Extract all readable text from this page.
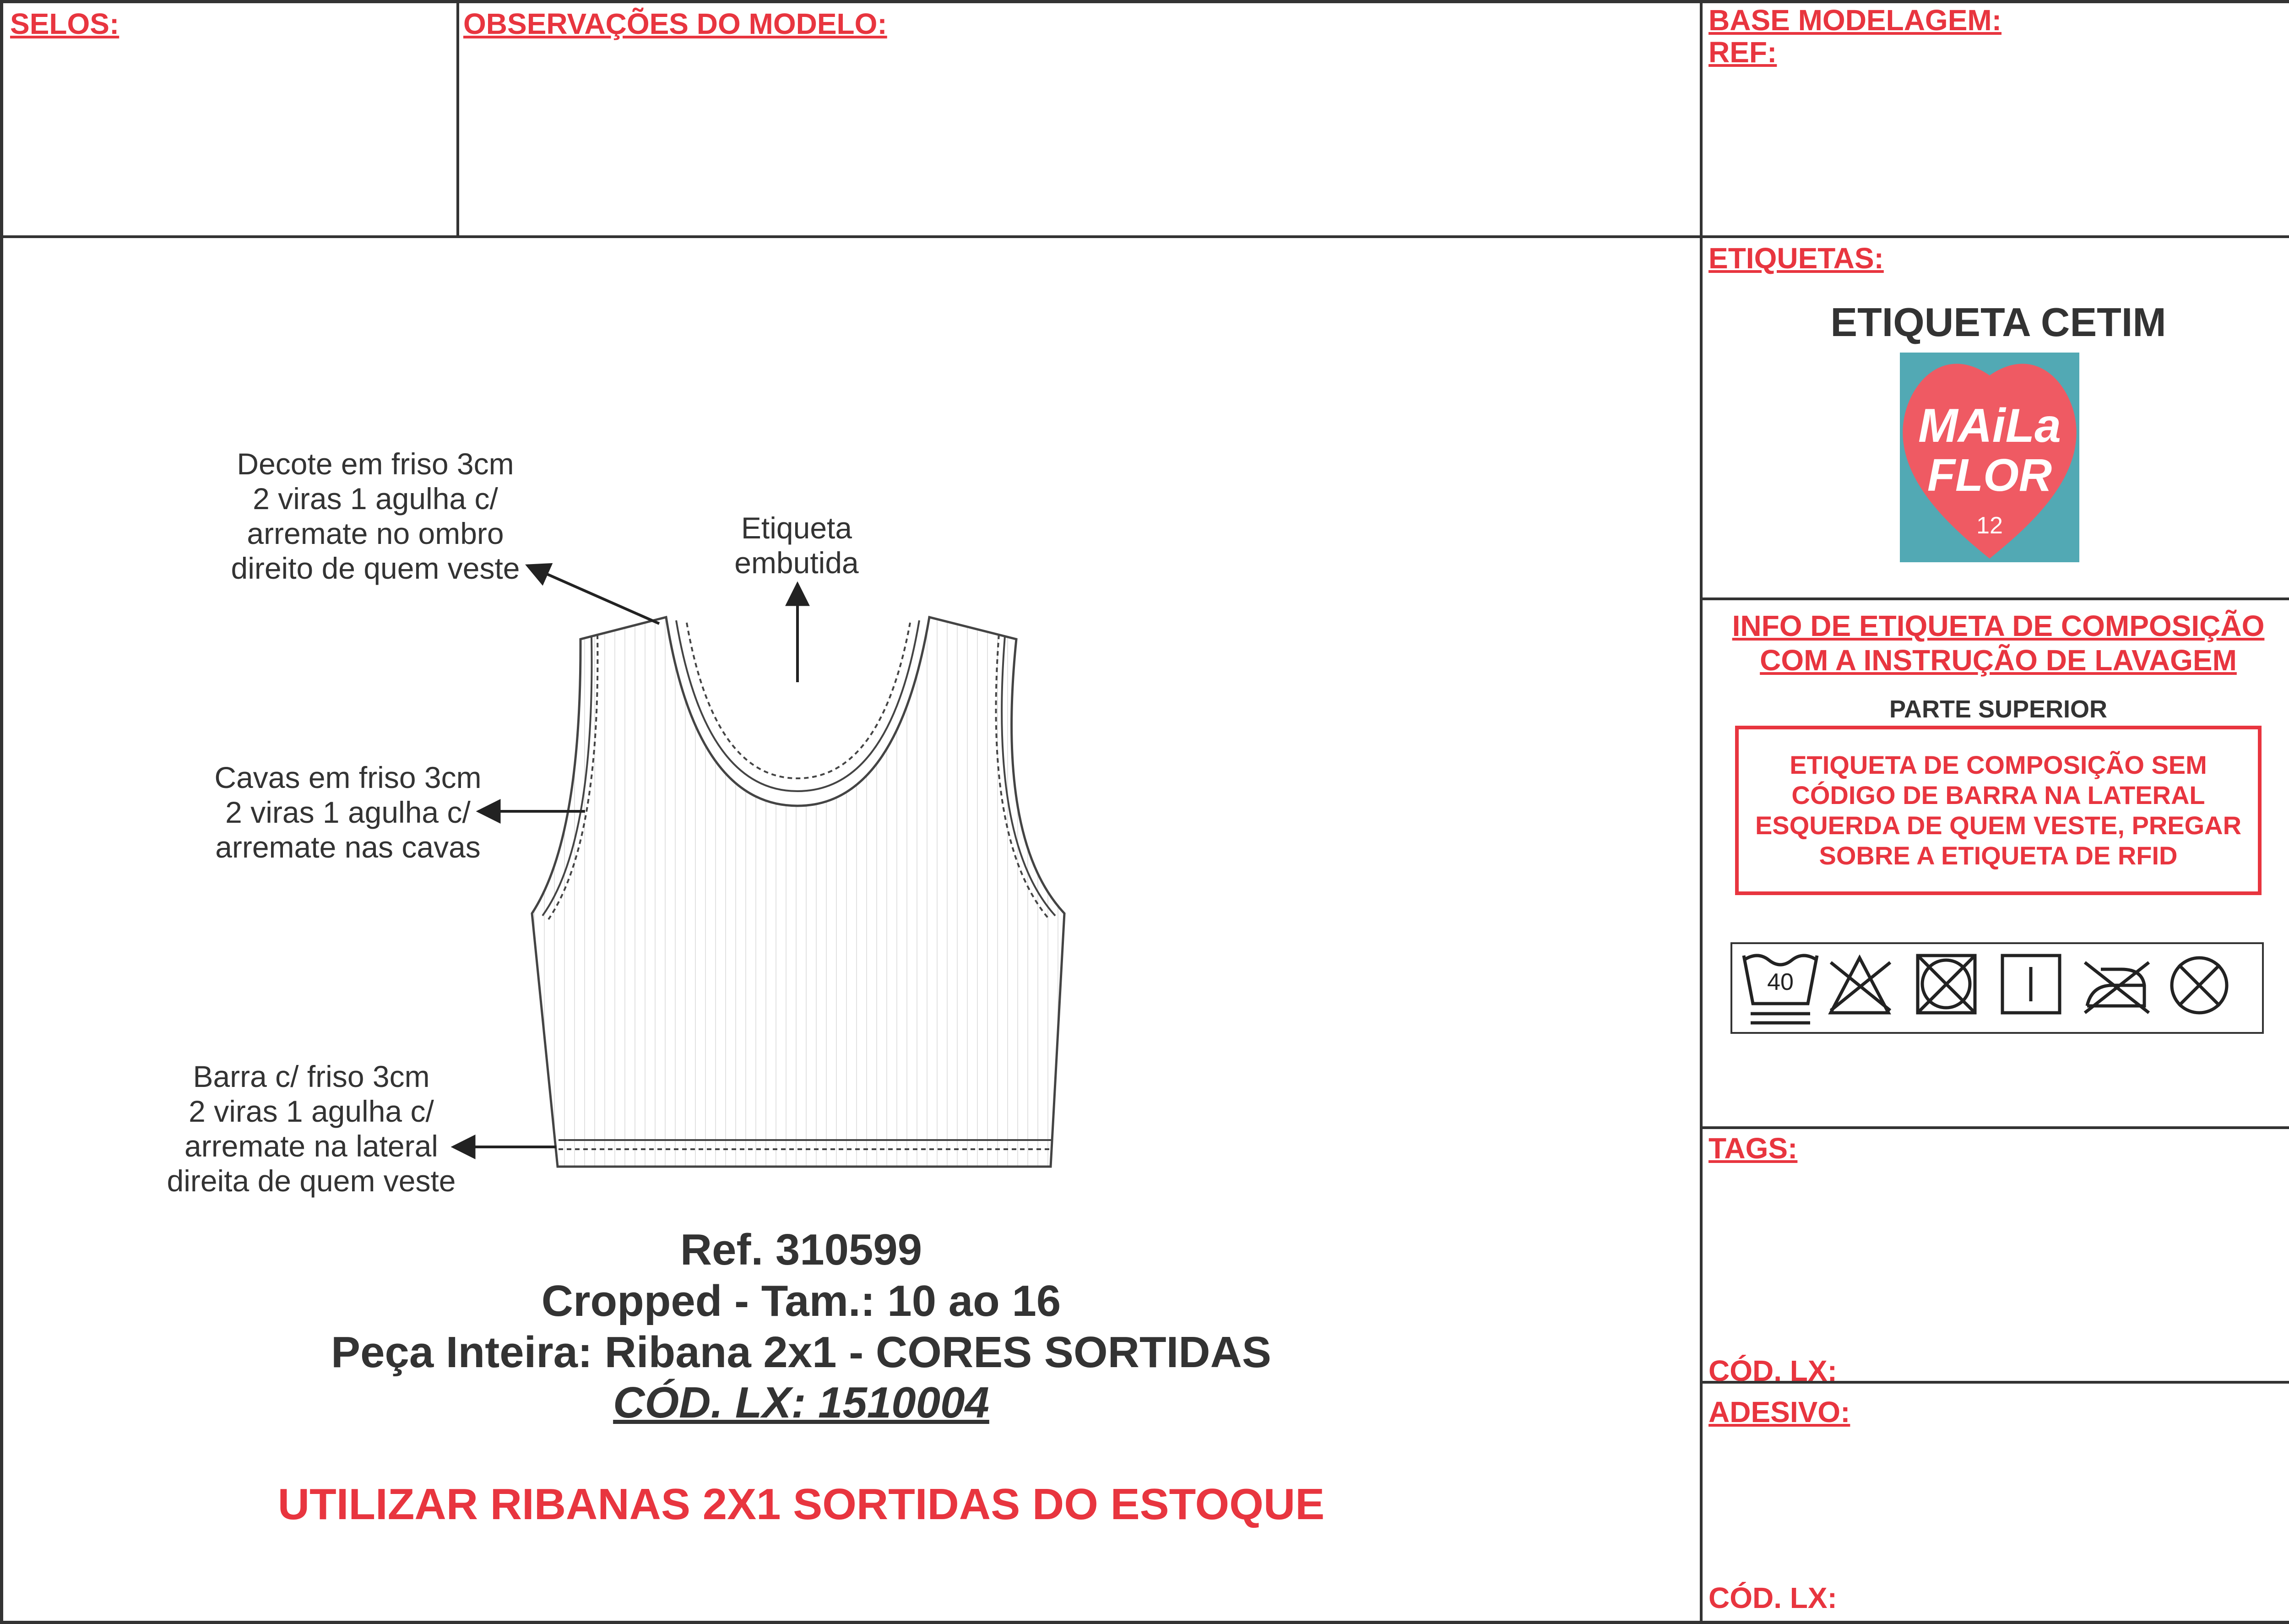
SELOS:	OBSERVAÇÕES DO MODELO:	BASE MODELAGEM:
REF:
ETIQUETAS:
ETIQUETA CETIM
MAiLa
FLOR
12
INFO DE ETIQUETA DE COMPOSIÇÃO
COM A INSTRUÇÃO DE LAVAGEM
PARTE SUPERIOR
ETIQUETA DE COMPOSIÇÃO SEM
CÓDIGO DE BARRA NA LATERAL
ESQUERDA DE QUEM VESTE, PREGAR
SOBRE A ETIQUETA DE RFID
40
TAGS:
CÓD. LX:
ADESIVO:
CÓD. LX:
Decote em friso 3cm
2 viras 1 agulha c/
arremate no ombro
direito de quem veste
Etiqueta
embutida
Cavas em friso 3cm
2 viras 1 agulha c/
arremate nas cavas
Barra c/ friso 3cm
2 viras 1 agulha c/
arremate na lateral
direita de quem veste
Ref. 310599
Cropped - Tam.: 10 ao 16
Peça Inteira: Ribana 2x1 - CORES SORTIDAS
CÓD. LX: 1510004
UTILIZAR RIBANAS 2X1 SORTIDAS DO ESTOQUE
